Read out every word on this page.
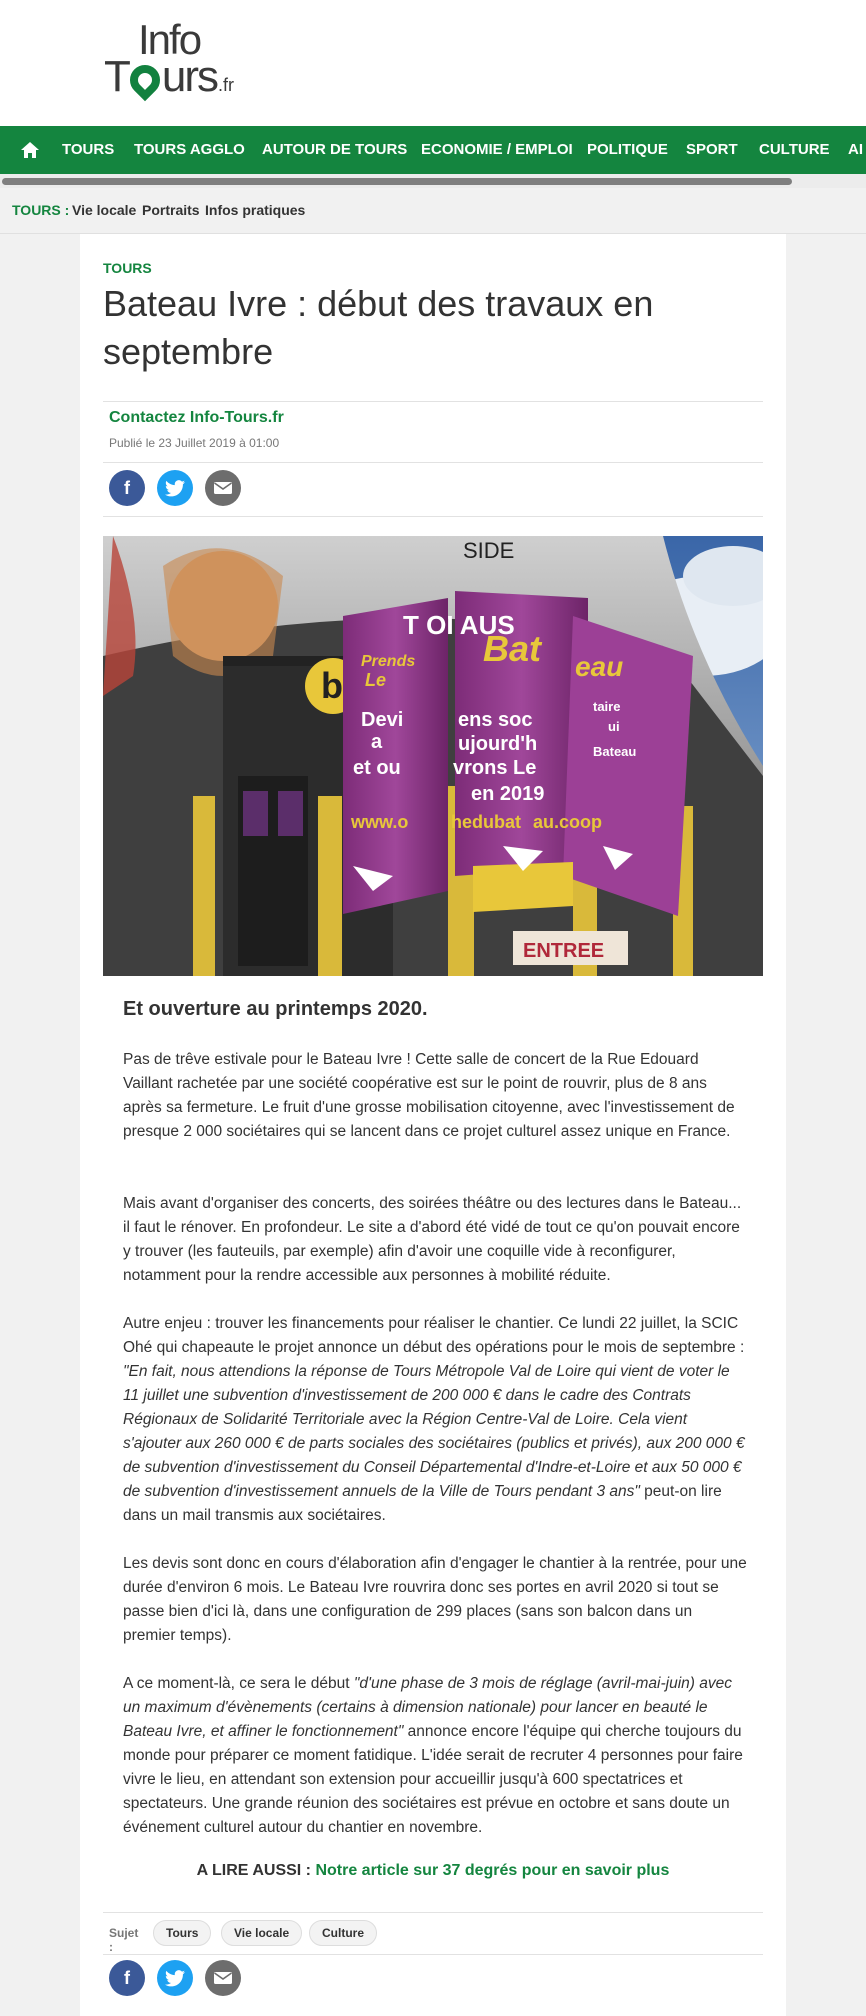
Info
T urs.fr
TOURS TOURS AGGLO AUTOUR DE TOURS ECONOMIE / EMPLOI POLITIQUE SPORT CULTURE AI
TOURS : Vie locale Portraits Infos pratiques
TOURS
Bateau Ivre : début des travaux en septembre
Contactez Info-Tours.fr
Publié le 23 Juillet 2019 à 01:00
f
SIDE
b
T OI AUS
Prends
Le
Devi	ens soc
a	ujourd'h
et ou	vrons Le
en 2019
www.o hedubat au.coop
Bat eau
taire
ui
Bateau
ENTREE
Et ouverture au printemps 2020.

Pas de trêve estivale pour le Bateau Ivre ! Cette salle de concert de la Rue Edouard Vaillant rachetée par une société coopérative est sur le point de rouvrir, plus de 8 ans après sa fermeture. Le fruit d'une grosse mobilisation citoyenne, avec l'investissement de presque 2 000 sociétaires qui se lancent dans ce projet culturel assez unique en France.

Mais avant d'organiser des concerts, des soirées théâtre ou des lectures dans le Bateau... il faut le rénover. En profondeur. Le site a d'abord été vidé de tout ce qu'on pouvait encore y trouver (les fauteuils, par exemple) afin d'avoir une coquille vide à reconfigurer, notamment pour la rendre accessible aux personnes à mobilité réduite.

Autre enjeu : trouver les financements pour réaliser le chantier. Ce lundi 22 juillet, la SCIC Ohé qui chapeaute le projet annonce un début des opérations pour le mois de septembre : "En fait, nous attendions la réponse de Tours Métropole Val de Loire qui vient de voter le 11 juillet une subvention d'investissement de 200 000 € dans le cadre des Contrats Régionaux de Solidarité Territoriale avec la Région Centre-Val de Loire. Cela vient s'ajouter aux 260 000 € de parts sociales des sociétaires (publics et privés), aux 200 000 € de subvention d'investissement du Conseil Départemental d'Indre-et-Loire et aux 50 000 € de subvention d'investissement annuels de la Ville de Tours pendant 3 ans" peut-on lire dans un mail transmis aux sociétaires.

Les devis sont donc en cours d'élaboration afin d'engager le chantier à la rentrée, pour une durée d'environ 6 mois. Le Bateau Ivre rouvrira donc ses portes en avril 2020 si tout se passe bien d'ici là, dans une configuration de 299 places (sans son balcon dans un premier temps).

A ce moment-là, ce sera le début "d'une phase de 3 mois de réglage (avril-mai-juin) avec un maximum d'évènements (certains à dimension nationale) pour lancer en beauté le Bateau Ivre, et affiner le fonctionnement" annonce encore l'équipe qui cherche toujours du monde pour préparer ce moment fatidique. L'idée serait de recruter 4 personnes pour faire vivre le lieu, en attendant son extension pour accueillir jusqu'à 600 spectatrices et spectateurs. Une grande réunion des sociétaires est prévue en octobre et sans doute un événement culturel autour du chantier en novembre.

A LIRE AUSSI : Notre article sur 37 degrés pour en savoir plus
Sujet :
Tours	Vie locale	Culture
f
